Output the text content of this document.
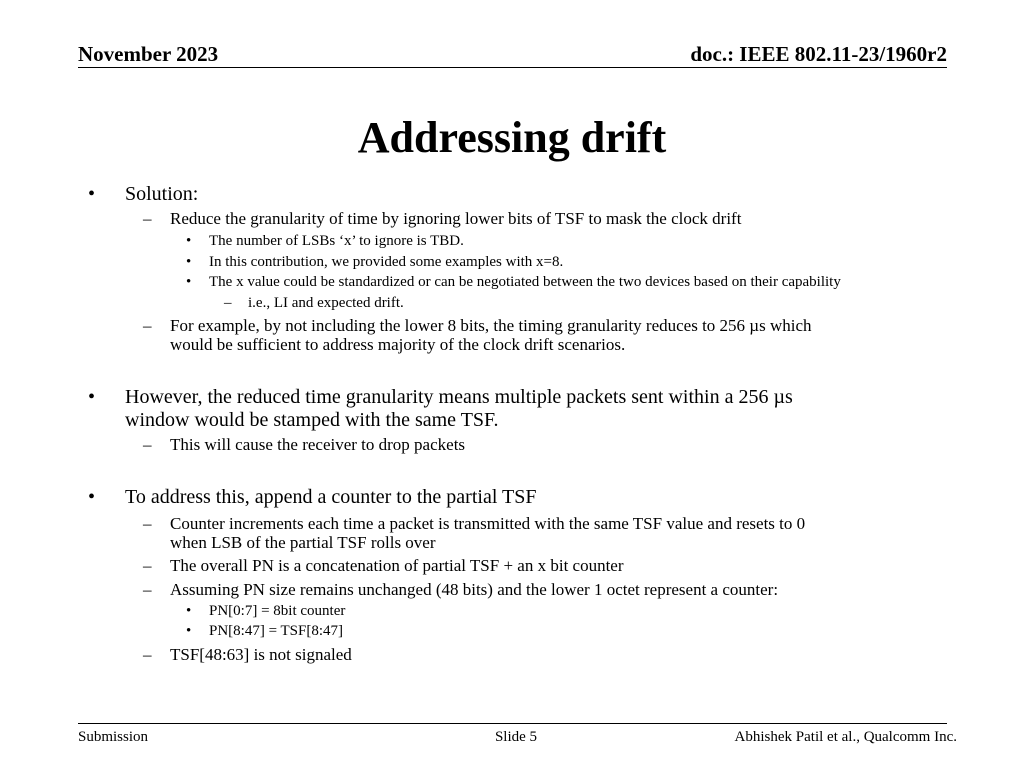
November 2023	doc.: IEEE 802.11-23/1960r2
Addressing drift
• Solution:
– Reduce the granularity of time by ignoring lower bits of TSF to mask the clock drift
• The number of LSBs ‘x’ to ignore is TBD.
• In this contribution, we provided some examples with x=8.
• The x value could be standardized or can be negotiated between the two devices based on their capability
– i.e., LI and expected drift.
– For example, by not including the lower 8 bits, the timing granularity reduces to 256 µs which
would be sufficient to address majority of the clock drift scenarios.
• However, the reduced time granularity means multiple packets sent within a 256 µs
window would be stamped with the same TSF.
– This will cause the receiver to drop packets
• To address this, append a counter to the partial TSF
– Counter increments each time a packet is transmitted with the same TSF value and resets to 0
when LSB of the partial TSF rolls over
– The overall PN is a concatenation of partial TSF + an x bit counter
– Assuming PN size remains unchanged (48 bits) and the lower 1 octet represent a counter:
• PN[0:7] = 8bit counter
• PN[8:47] = TSF[8:47]
– TSF[48:63] is not signaled
Submission	Slide 5	Abhishek Patil et al., Qualcomm Inc.
